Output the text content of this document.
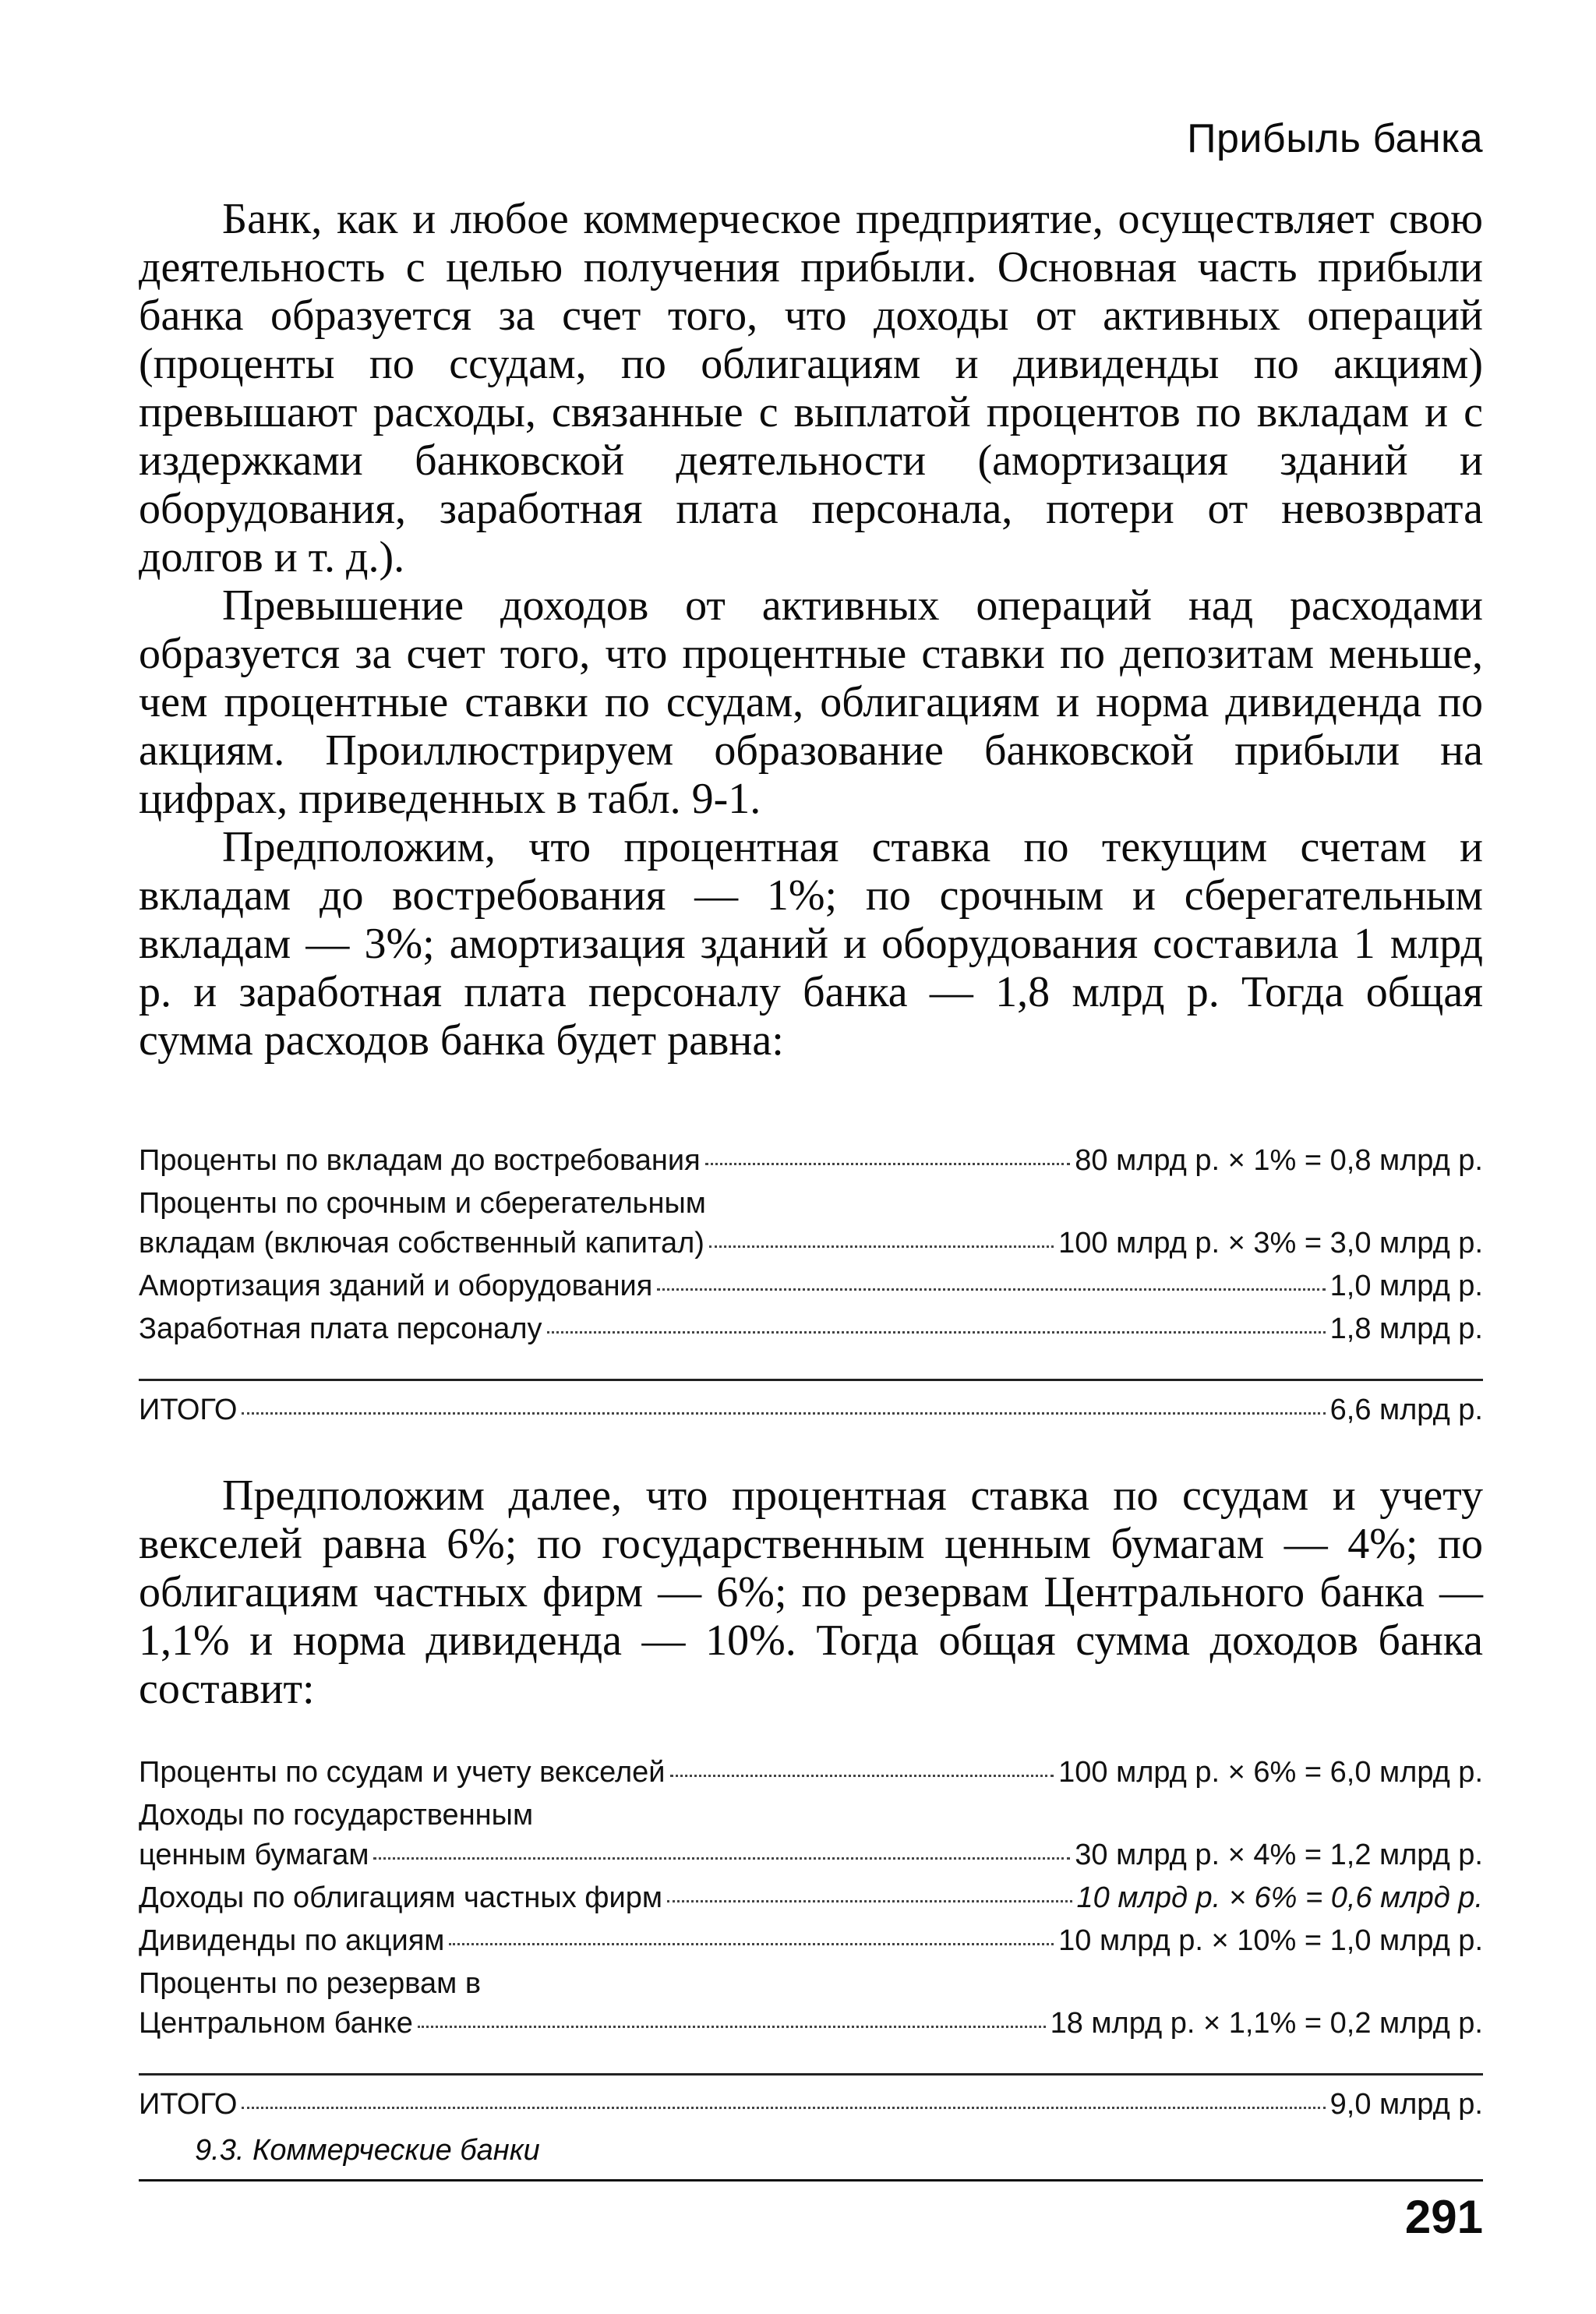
Прибыль банка

Банк, как и любое коммерческое предприятие, осуществляет свою деятельность с целью получения прибыли. Основная часть прибыли банка образуется за счет того, что доходы от активных операций (проценты по ссудам, по облигациям и дивиденды по акциям) превышают расходы, связанные с выплатой процентов по вкладам и с издержками банковской деятельности (амортизация зданий и оборудования, заработная плата персонала, потери от невозврата долгов и т. д.).

Превышение доходов от активных операций над расходами образуется за счет того, что процентные ставки по депозитам меньше, чем процентные ставки по ссудам, облигациям и норма дивиденда по акциям. Проиллюстрируем образование банковской прибыли на цифрах, приведенных в табл. 9-1.

Предположим, что процентная ставка по текущим счетам и вкладам до востребования — 1%; по срочным и сберегательным вкладам — 3%; амортизация зданий и оборудования составила 1 млрд р. и заработная плата персоналу банка — 1,8 млрд р. Тогда общая сумма расходов банка будет равна:

Проценты по вкладам до востребования	80 млрд р. × 1% = 0,8 млрд р.
Проценты по срочным и сберегательным
вкладам (включая собственный капитал)	100 млрд р. × 3% = 3,0 млрд р.
Амортизация зданий и оборудования	1,0 млрд р.
Заработная плата персоналу	1,8 млрд р.
ИТОГО	6,6 млрд р.

Предположим далее, что процентная ставка по ссудам и учету векселей равна 6%; по государственным ценным бумагам — 4%; по облигациям частных фирм — 6%; по резервам Центрального банка — 1,1% и норма дивиденда — 10%. Тогда общая сумма доходов банка составит:

Проценты по ссудам и учету векселей	100 млрд р. × 6% = 6,0 млрд р.
Доходы по государственным
ценным бумагам	30 млрд р. × 4% = 1,2 млрд р.
Доходы по облигациям частных фирм	10 млрд р. × 6% = 0,6 млрд р.
Дивиденды по акциям	10 млрд р. × 10% = 1,0 млрд р.
Проценты по резервам в
Центральном банке	18 млрд р. × 1,1% = 0,2 млрд р.
ИТОГО	9,0 млрд р.
9.3. Коммерческие банки
291
